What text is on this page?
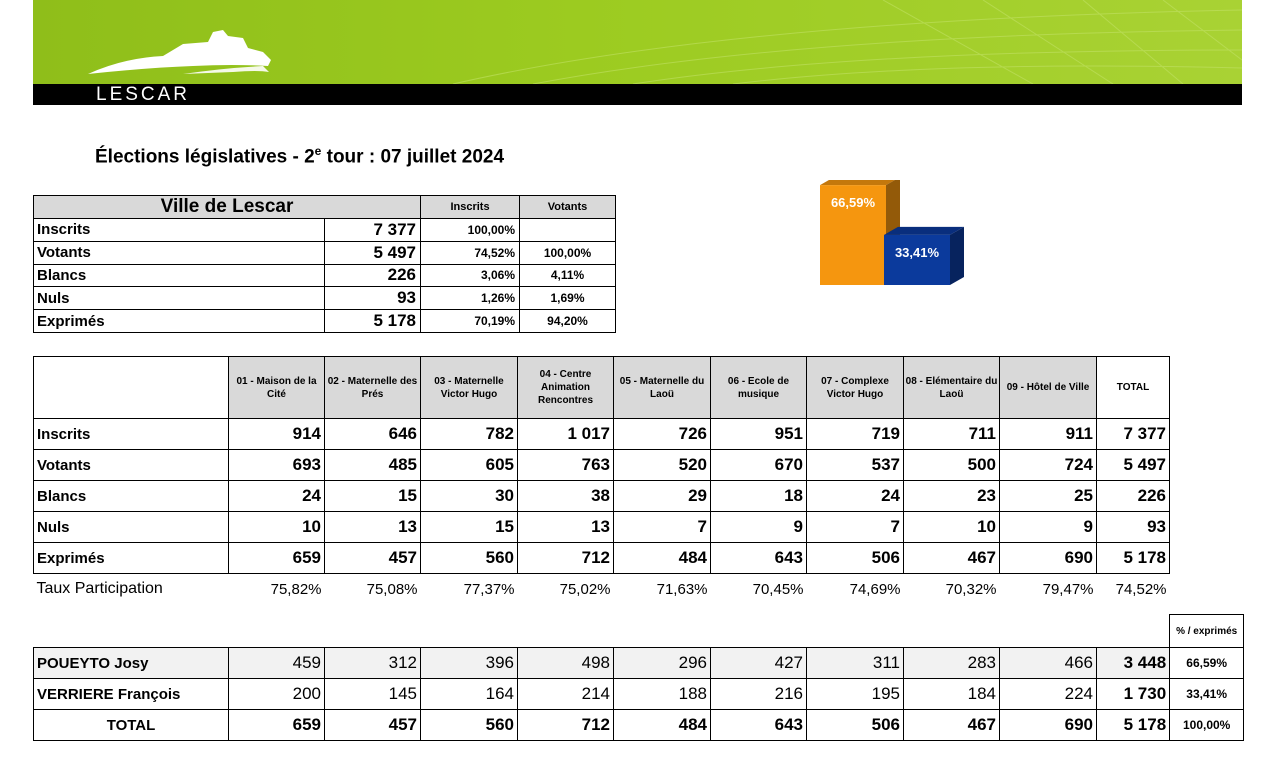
LESCAR
Élections législatives - 2e tour : 07 juillet 2024
Ville de Lescar		Inscrits	Votants
Inscrits	7 377	100,00%	
Votants	5 497	74,52%	100,00%
Blancs	226	3,06%	4,11%
Nuls	93	1,26%	1,69%
Exprimés	5 178	70,19%	94,20%
66,59%
33,41%
	01 - Maison de la Cité	02 - Maternelle des Prés	03 - Maternelle Victor Hugo	04 - Centre Animation Rencontres	05 - Maternelle du Laoü	06 - Ecole de musique	07 - Complexe Victor Hugo	08 - Elémentaire du Laoü	09 - Hôtel de Ville	TOTAL
Inscrits	914	646	782	1 017	726	951	719	711	911	7 377
Votants	693	485	605	763	520	670	537	500	724	5 497
Blancs	24	15	30	38	29	18	24	23	25	226
Nuls	10	13	15	13	7	9	7	10	9	93
Exprimés	659	457	560	712	484	643	506	467	690	5 178
Taux Participation	75,82%	75,08%	77,37%	75,02%	71,63%	70,45%	74,69%	70,32%	79,47%	74,52%
											% / exprimés
POUEYTO Josy	459	312	396	498	296	427	311	283	466	3 448	66,59%
VERRIERE François	200	145	164	214	188	216	195	184	224	1 730	33,41%
TOTAL	659	457	560	712	484	643	506	467	690	5 178	100,00%
